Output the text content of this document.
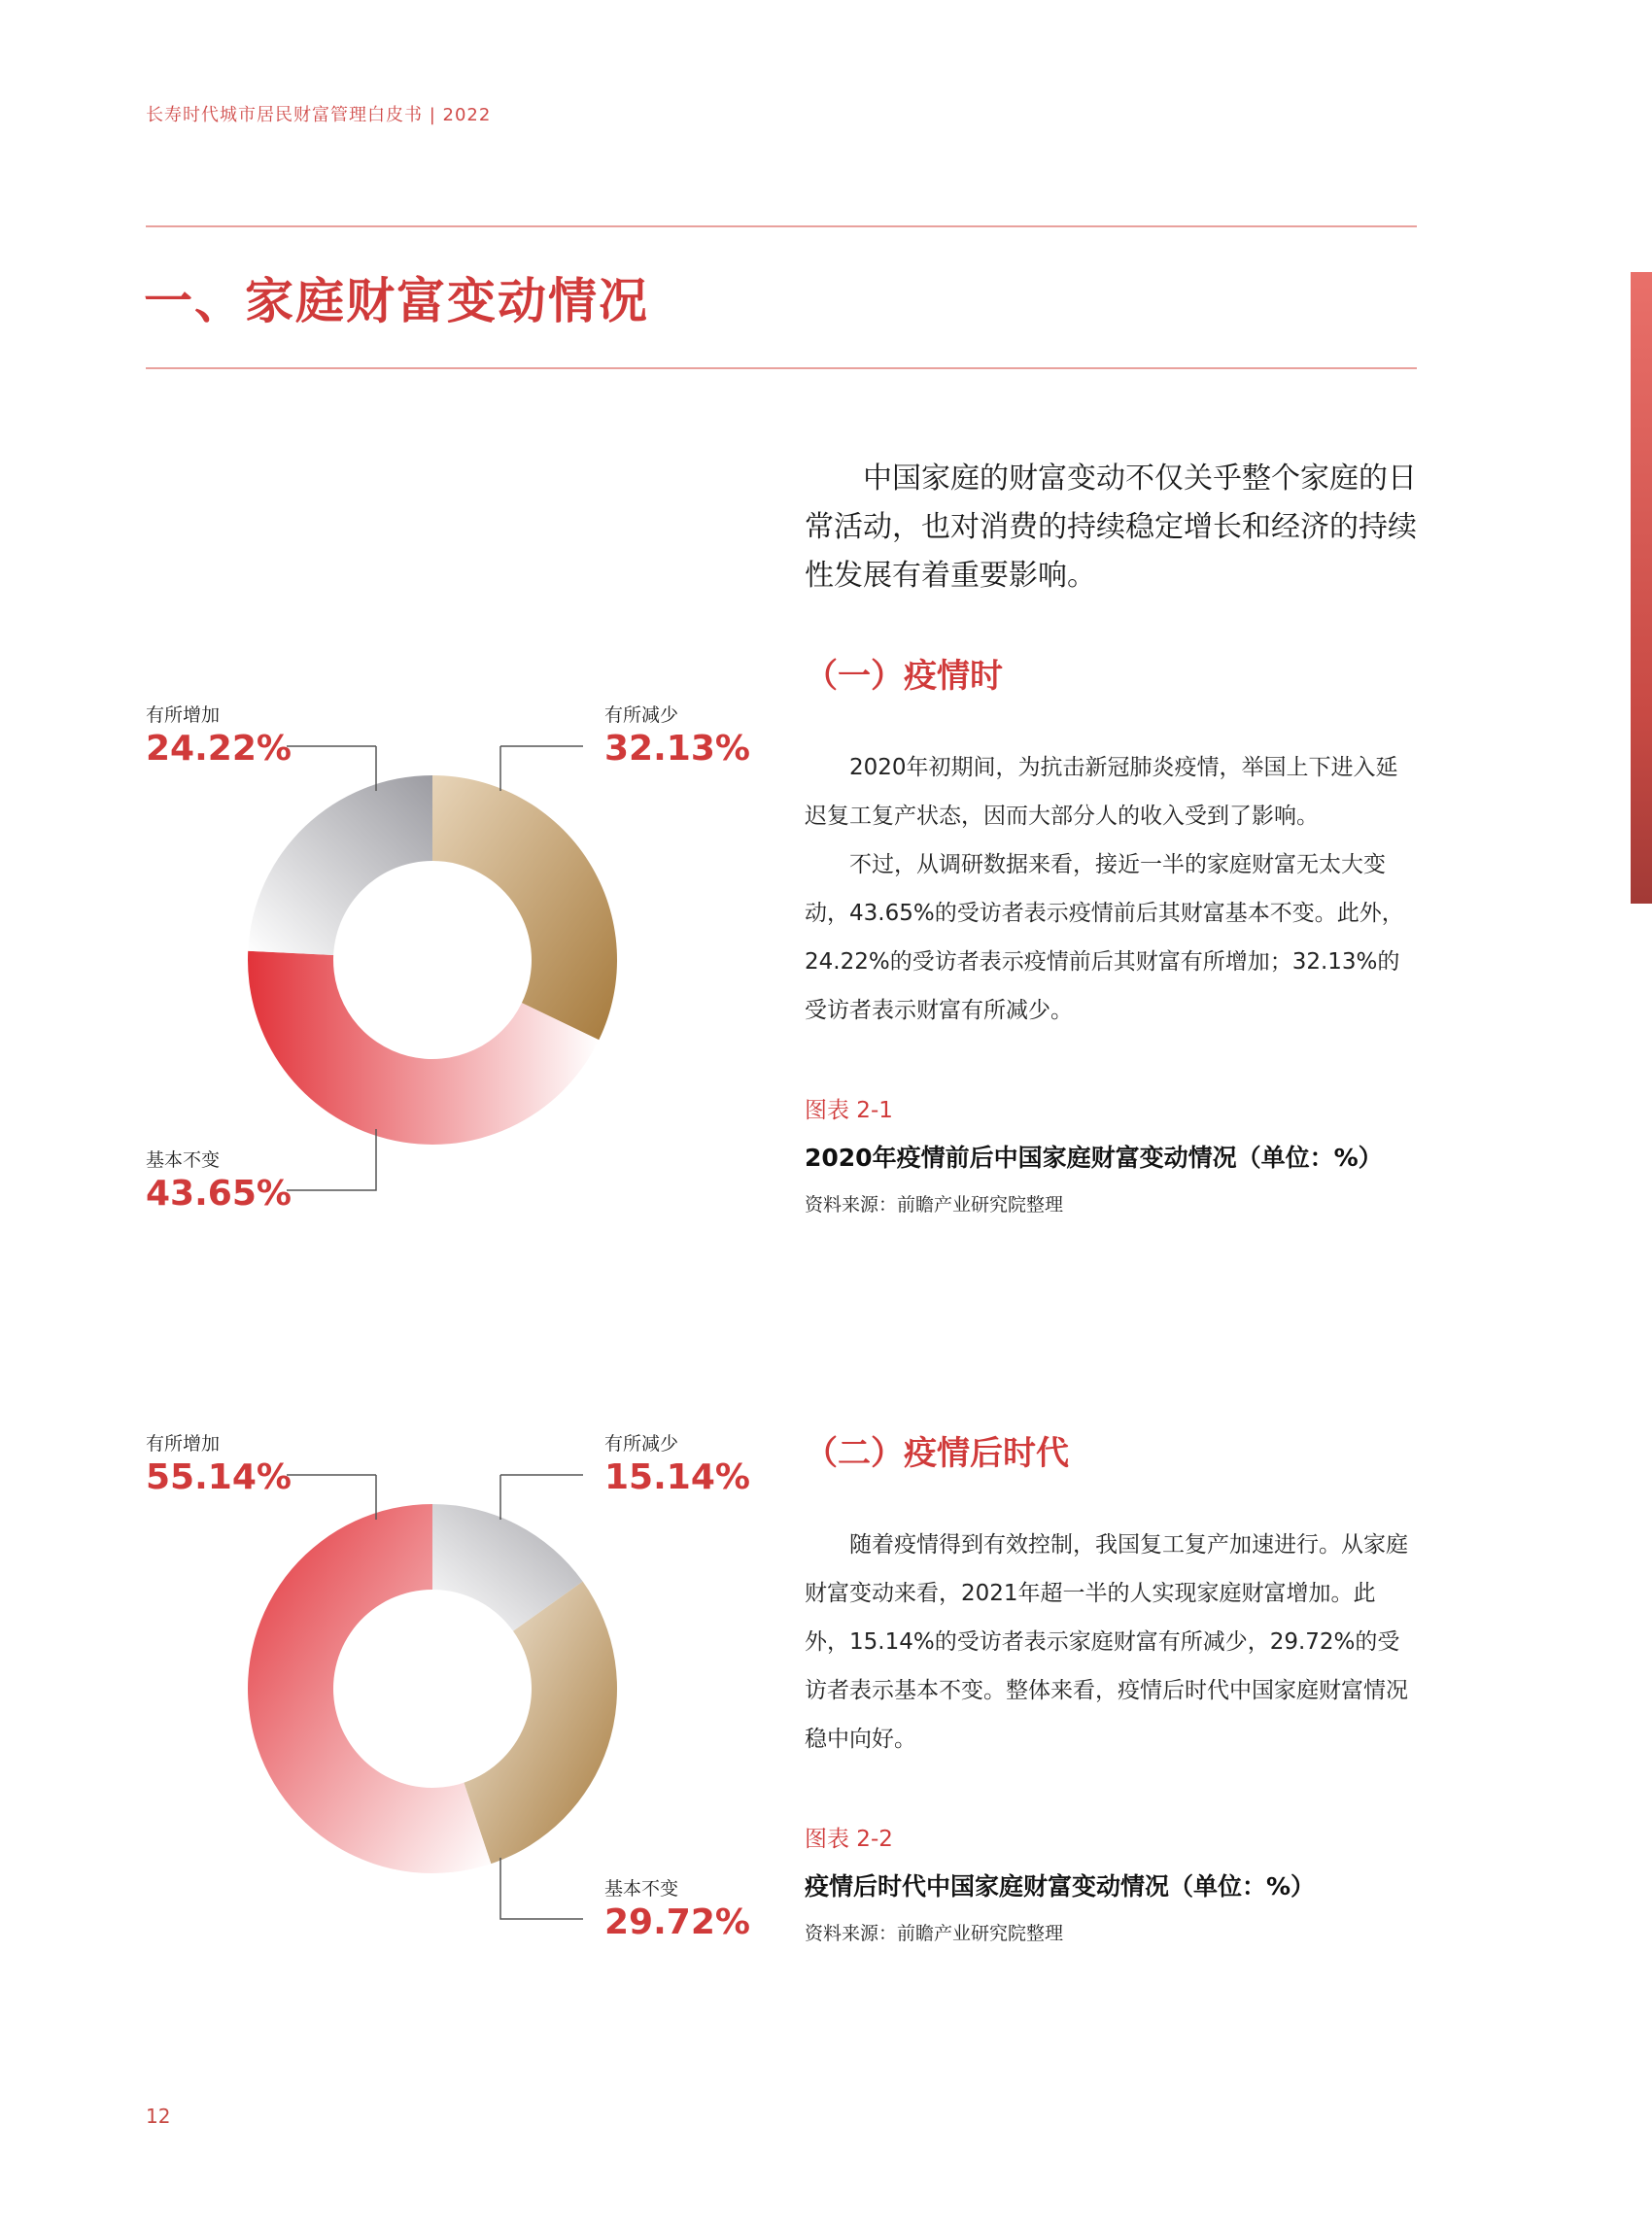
长寿时代城市居民财富管理白皮书 | 2022
一、家庭财富变动情况
中国家庭的财富变动不仅关乎整个家庭的日常活动，也对消费的持续稳定增长和经济的持续性发展有着重要影响。
（一）疫情时

2020年初期间，为抗击新冠肺炎疫情，举国上下进入延迟复工复产状态，因而大部分人的收入受到了影响。

不过，从调研数据来看，接近一半的家庭财富无太大变动，43.65%的受访者表示疫情前后其财富基本不变。此外，24.22%的受访者表示疫情前后其财富有所增加；32.13%的受访者表示财富有所减少。

图表 2-1
2020年疫情前后中国家庭财富变动情况（单位：%）
资料来源：前瞻产业研究院整理
有所增加
24.22%
有所减少
32.13%
基本不变
43.65%
（二）疫情后时代

随着疫情得到有效控制，我国复工复产加速进行。从家庭财富变动来看，2021年超一半的人实现家庭财富增加。此外，15.14%的受访者表示家庭财富有所减少，29.72%的受访者表示基本不变。整体来看，疫情后时代中国家庭财富情况稳中向好。

图表 2-2
疫情后时代中国家庭财富变动情况（单位：%）
资料来源：前瞻产业研究院整理
有所增加
55.14%
有所减少
15.14%
基本不变
29.72%
12
